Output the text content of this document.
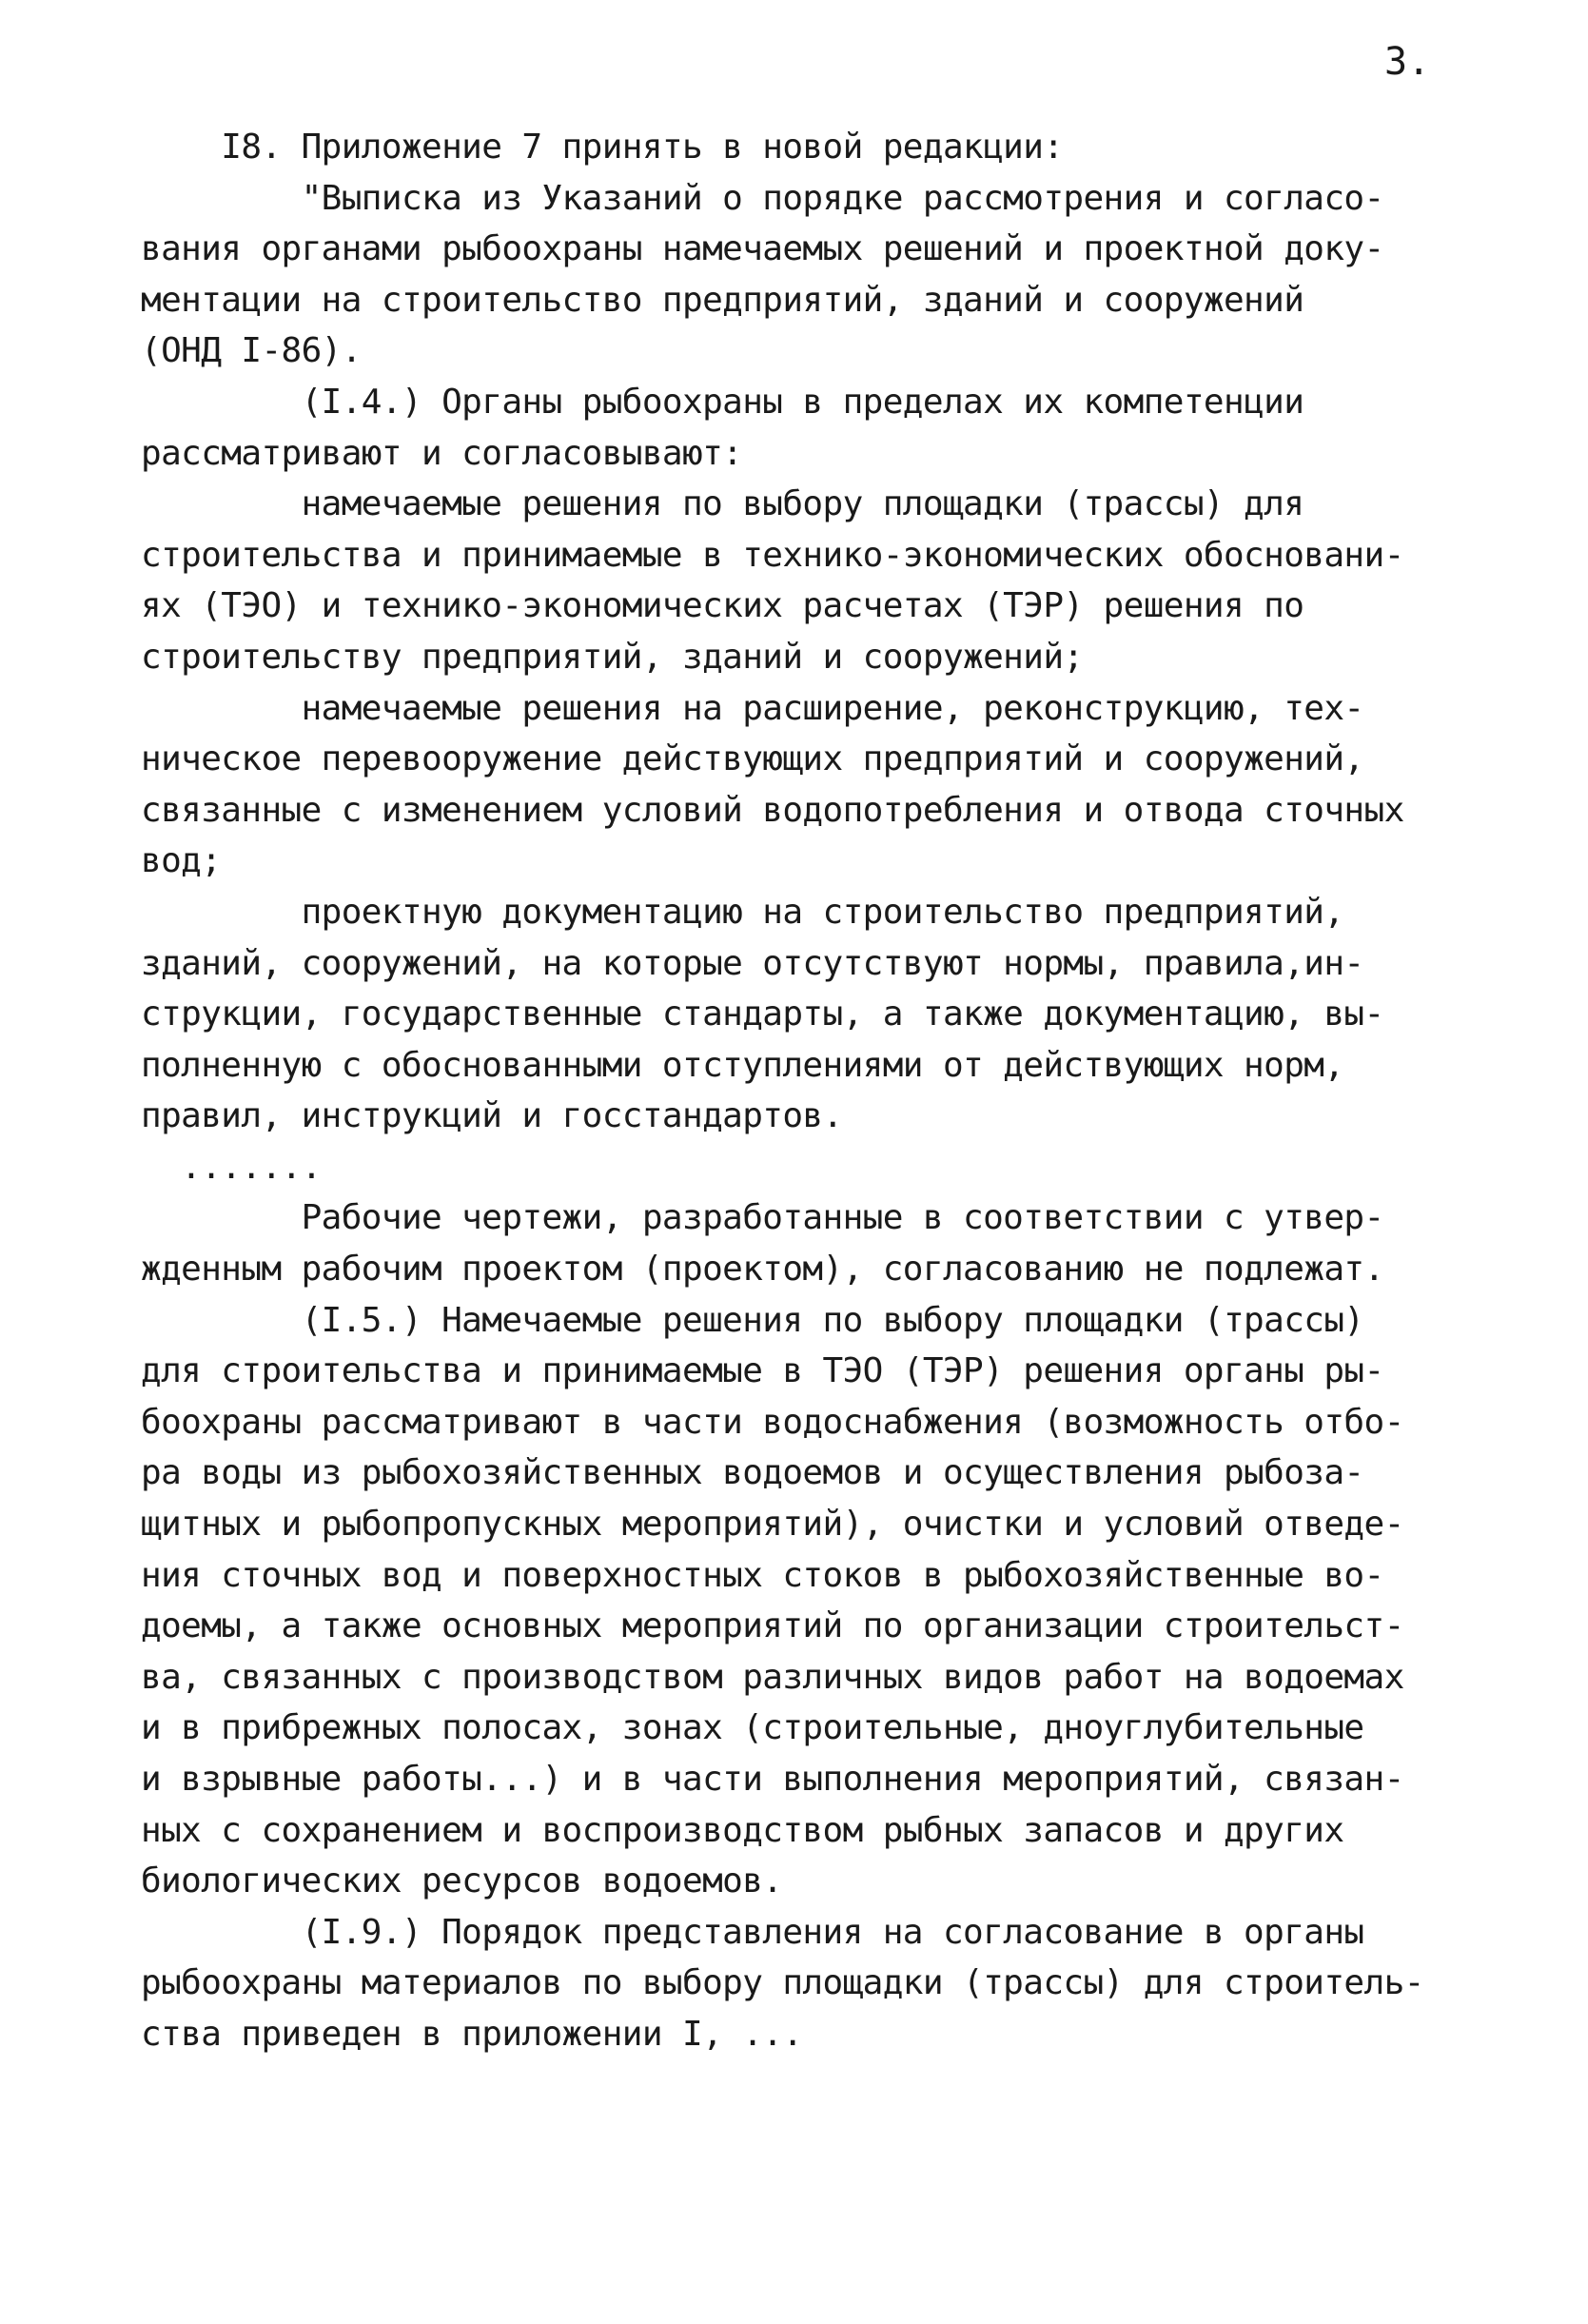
3.
I8. Приложение 7 принять в новой редакции:
"Выписка из Указаний о порядке рассмотрения и согласо-
вания органами рыбоохраны намечаемых решений и проектной доку-
ментации на строительство предприятий, зданий и сооружений
(ОНД I-86).
(I.4.) Органы рыбоохраны в пределах их компетенции
рассматривают и согласовывают:
намечаемые решения по выбору площадки (трассы) для
строительства и принимаемые в технико-экономических обосновани-
ях (ТЭО) и технико-экономических расчетах (ТЭР) решения по
строительству предприятий, зданий и сооружений;
намечаемые решения на расширение, реконструкцию, тех-
ническое перевооружение действующих предприятий и сооружений,
связанные с изменением условий водопотребления и отвода сточных
вод;
проектную документацию на строительство предприятий,
зданий, сооружений, на которые отсутствуют нормы, правила,ин-
струкции, государственные стандарты, а также документацию, вы-
полненную с обоснованными отступлениями от действующих норм,
правил, инструкций и госстандартов.
.......
Рабочие чертежи, разработанные в соответствии с утвер-
жденным рабочим проектом (проектом), согласованию не подлежат.
(I.5.) Намечаемые решения по выбору площадки (трассы)
для строительства и принимаемые в ТЭО (ТЭР) решения органы ры-
боохраны рассматривают в части водоснабжения (возможность отбо-
ра воды из рыбохозяйственных водоемов и осуществления рыбоза-
щитных и рыбопропускных мероприятий), очистки и условий отведе-
ния сточных вод и поверхностных стоков в рыбохозяйственные во-
доемы, а также основных мероприятий по организации строительст-
ва, связанных с производством различных видов работ на водоемах
и в прибрежных полосах, зонах (строительные, дноуглубительные
и взрывные работы...) и в части выполнения мероприятий, связан-
ных с сохранением и воспроизводством рыбных запасов и других
биологических ресурсов водоемов.
(I.9.) Порядок представления на согласование в органы
рыбоохраны материалов по выбору площадки (трассы) для строитель-
ства приведен в приложении I, ...
